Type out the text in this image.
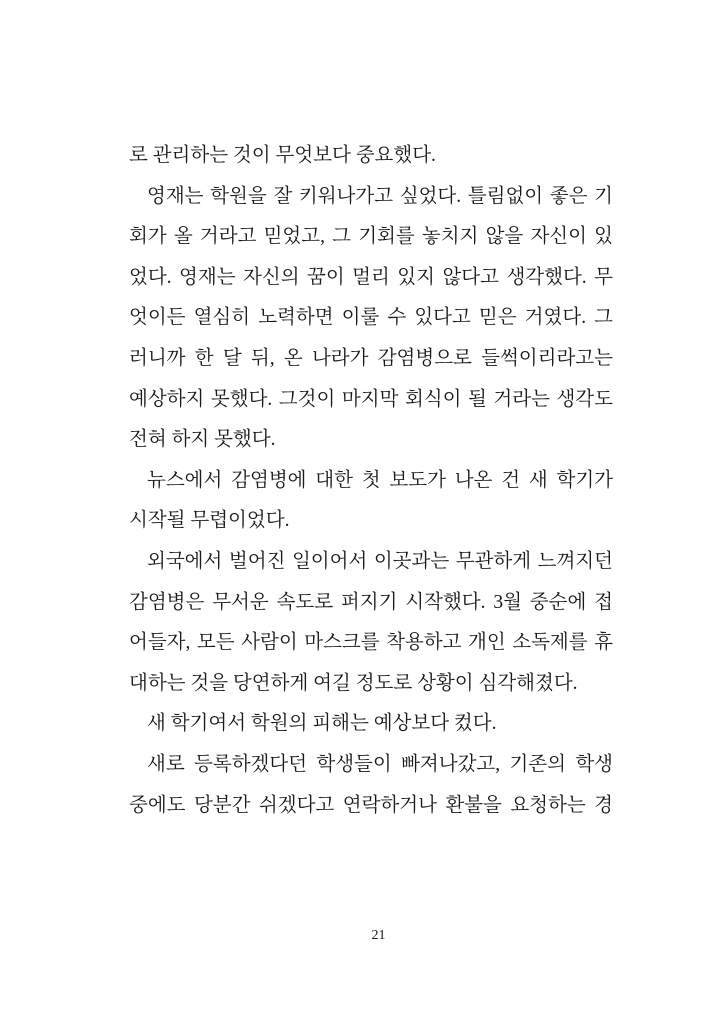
로 관리하는 것이 무엇보다 중요했다.
영재는 학원을 잘 키워나가고 싶었다. 틀림없이 좋은 기
회가 올 거라고 믿었고, 그 기회를 놓치지 않을 자신이 있
었다. 영재는 자신의 꿈이 멀리 있지 않다고 생각했다. 무
엇이든 열심히 노력하면 이룰 수 있다고 믿은 거였다. 그
러니까 한 달 뒤, 온 나라가 감염병으로 들썩이리라고는
예상하지 못했다. 그것이 마지막 회식이 될 거라는 생각도
전혀 하지 못했다.
뉴스에서 감염병에 대한 첫 보도가 나온 건 새 학기가
시작될 무렵이었다.
외국에서 벌어진 일이어서 이곳과는 무관하게 느껴지던
감염병은 무서운 속도로 퍼지기 시작했다. 3월 중순에 접
어들자, 모든 사람이 마스크를 착용하고 개인 소독제를 휴
대하는 것을 당연하게 여길 정도로 상황이 심각해졌다.
새 학기여서 학원의 피해는 예상보다 컸다.
새로 등록하겠다던 학생들이 빠져나갔고, 기존의 학생
중에도 당분간 쉬겠다고 연락하거나 환불을 요청하는 경
21
